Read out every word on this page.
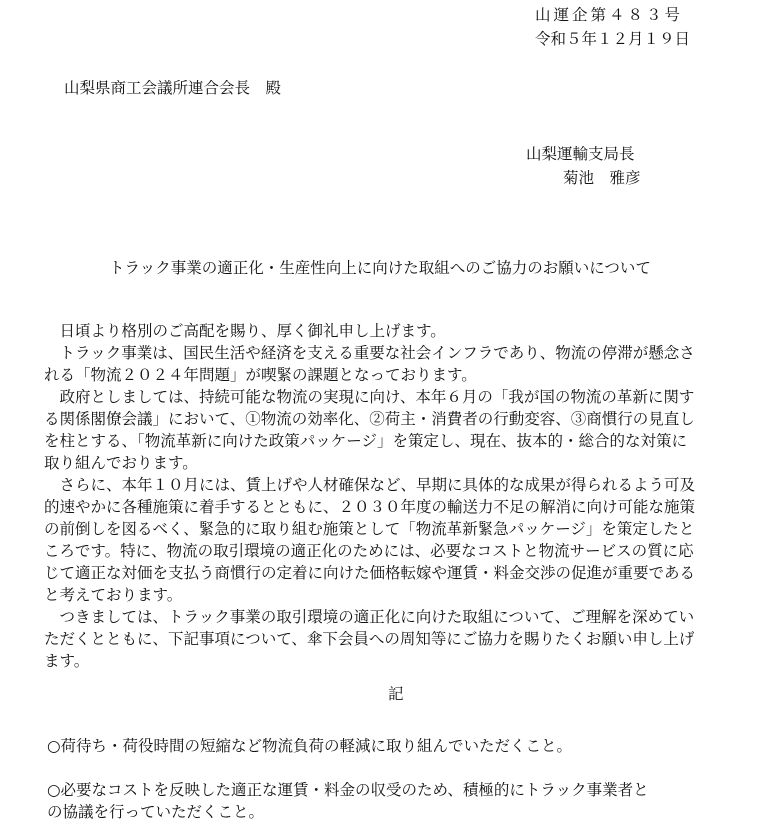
山運企第４８３号
令和５年１２月１９日
山梨県商工会議所連合会長　殿
山梨運輸支局長
菊池　雅彦
トラック事業の適正化・生産性向上に向けた取組へのご協力のお願いについて
　日頃より格別のご高配を賜り、厚く御礼申し上げます。
　トラック事業は、国民生活や経済を支える重要な社会インフラであり、物流の停滞が懸念さ
れる「物流２０２４年問題」が喫緊の課題となっております。
　政府としましては、持続可能な物流の実現に向け、本年６月の「我が国の物流の革新に関す
る関係閣僚会議」において、①物流の効率化、②荷主・消費者の行動変容、③商慣行の見直し
を柱とする、「物流革新に向けた政策パッケージ」を策定し、現在、抜本的・総合的な対策に
取り組んでおります。
　さらに、本年１０月には、賃上げや人材確保など、早期に具体的な成果が得られるよう可及
的速やかに各種施策に着手するとともに、２０３０年度の輸送力不足の解消に向け可能な施策
の前倒しを図るべく、緊急的に取り組む施策として「物流革新緊急パッケージ」を策定したと
ころです。特に、物流の取引環境の適正化のためには、必要なコストと物流サービスの質に応
じて適正な対価を支払う商慣行の定着に向けた価格転嫁や運賃・料金交渉の促進が重要である
と考えております。
　つきましては、トラック事業の取引環境の適正化に向けた取組について、ご理解を深めてい
ただくとともに、下記事項について、傘下会員への周知等にご協力を賜りたくお願い申し上げ
ます。
記
○荷待ち・荷役時間の短縮など物流負荷の軽減に取り組んでいただくこと。
○必要なコストを反映した適正な運賃・料金の収受のため、積極的にトラック事業者と
の協議を行っていただくこと。
